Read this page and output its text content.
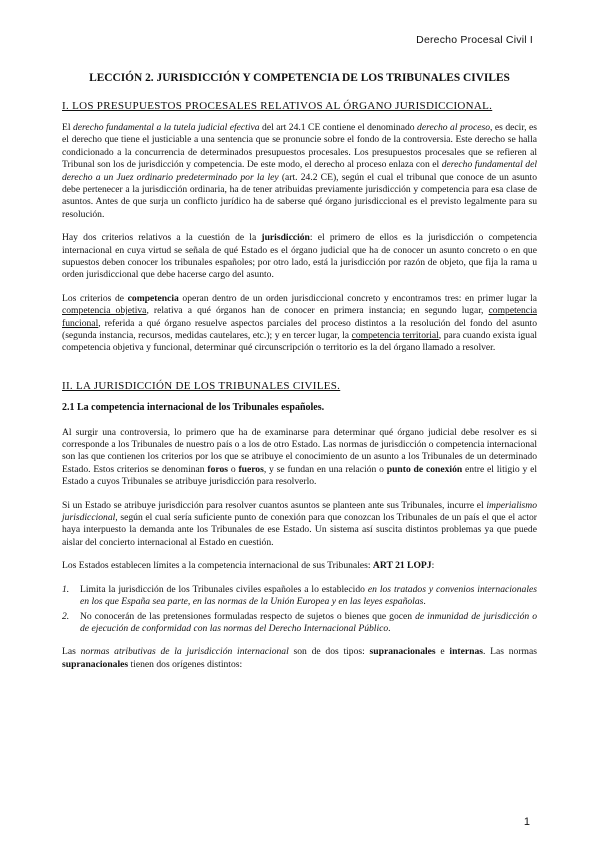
Derecho Procesal Civil I
LECCIÓN 2. JURISDICCIÓN Y COMPETENCIA DE LOS TRIBUNALES CIVILES
I. LOS PRESUPUESTOS PROCESALES RELATIVOS AL ÓRGANO JURISDICCIONAL.

El derecho fundamental a la tutela judicial efectiva del art 24.1 CE contiene el denominado derecho al proceso, es decir, es el derecho que tiene el justiciable a una sentencia que se pronuncie sobre el fondo de la controversia. Este derecho se halla condicionado a la concurrencia de determinados presupuestos procesales. Los presupuestos procesales que se refieren al Tribunal son los de jurisdicción y competencia. De este modo, el derecho al proceso enlaza con el derecho fundamental del derecho a un Juez ordinario predeterminado por la ley (art. 24.2 CE), según el cual el tribunal que conoce de un asunto debe pertenecer a la jurisdicción ordinaria, ha de tener atribuidas previamente jurisdicción y competencia para esa clase de asuntos. Antes de que surja un conflicto jurídico ha de saberse qué órgano jurisdiccional es el previsto legalmente para su resolución.

Hay dos criterios relativos a la cuestión de la jurisdicción: el primero de ellos es la jurisdicción o competencia internacional en cuya virtud se señala de qué Estado es el órgano judicial que ha de conocer un asunto concreto o en que supuestos deben conocer los tribunales españoles; por otro lado, está la jurisdicción por razón de objeto, que fija la rama u orden jurisdiccional que debe hacerse cargo del asunto.

Los criterios de competencia operan dentro de un orden jurisdiccional concreto y encontramos tres: en primer lugar la competencia objetiva, relativa a qué órganos han de conocer en primera instancia; en segundo lugar, competencia funcional, referida a qué órgano resuelve aspectos parciales del proceso distintos a la resolución del fondo del asunto (segunda instancia, recursos, medidas cautelares, etc.); y en tercer lugar, la competencia territorial, para cuando exista igual competencia objetiva y funcional, determinar qué circunscripción o territorio es la del órgano llamado a resolver.

II. LA JURISDICCIÓN DE LOS TRIBUNALES CIVILES.
2.1 La competencia internacional de los Tribunales españoles.

Al surgir una controversia, lo primero que ha de examinarse para determinar qué órgano judicial debe resolver es si corresponde a los Tribunales de nuestro país o a los de otro Estado. Las normas de jurisdicción o competencia internacional son las que contienen los criterios por los que se atribuye el conocimiento de un asunto a los Tribunales de un determinado Estado. Estos criterios se denominan foros o fueros, y se fundan en una relación o punto de conexión entre el litigio y el Estado a cuyos Tribunales se atribuye jurisdicción para resolverlo.

Si un Estado se atribuye jurisdicción para resolver cuantos asuntos se planteen ante sus Tribunales, incurre el imperialismo jurisdiccional, según el cual sería suficiente punto de conexión para que conozcan los Tribunales de un país el que el actor haya interpuesto la demanda ante los Tribunales de ese Estado. Un sistema así suscita distintos problemas ya que puede aislar del concierto internacional al Estado en cuestión.

Los Estados establecen límites a la competencia internacional de sus Tribunales: ART 21 LOPJ:

1.	Limita la jurisdicción de los Tribunales civiles españoles a lo establecido en los tratados y convenios internacionales en los que España sea parte, en las normas de la Unión Europea y en las leyes españolas.
2.	No conocerán de las pretensiones formuladas respecto de sujetos o bienes que gocen de inmunidad de jurisdicción o de ejecución de conformidad con las normas del Derecho Internacional Público.

Las normas atributivas de la jurisdicción internacional son de dos tipos: supranacionales e internas. Las normas supranacionales tienen dos orígenes distintos:

1
